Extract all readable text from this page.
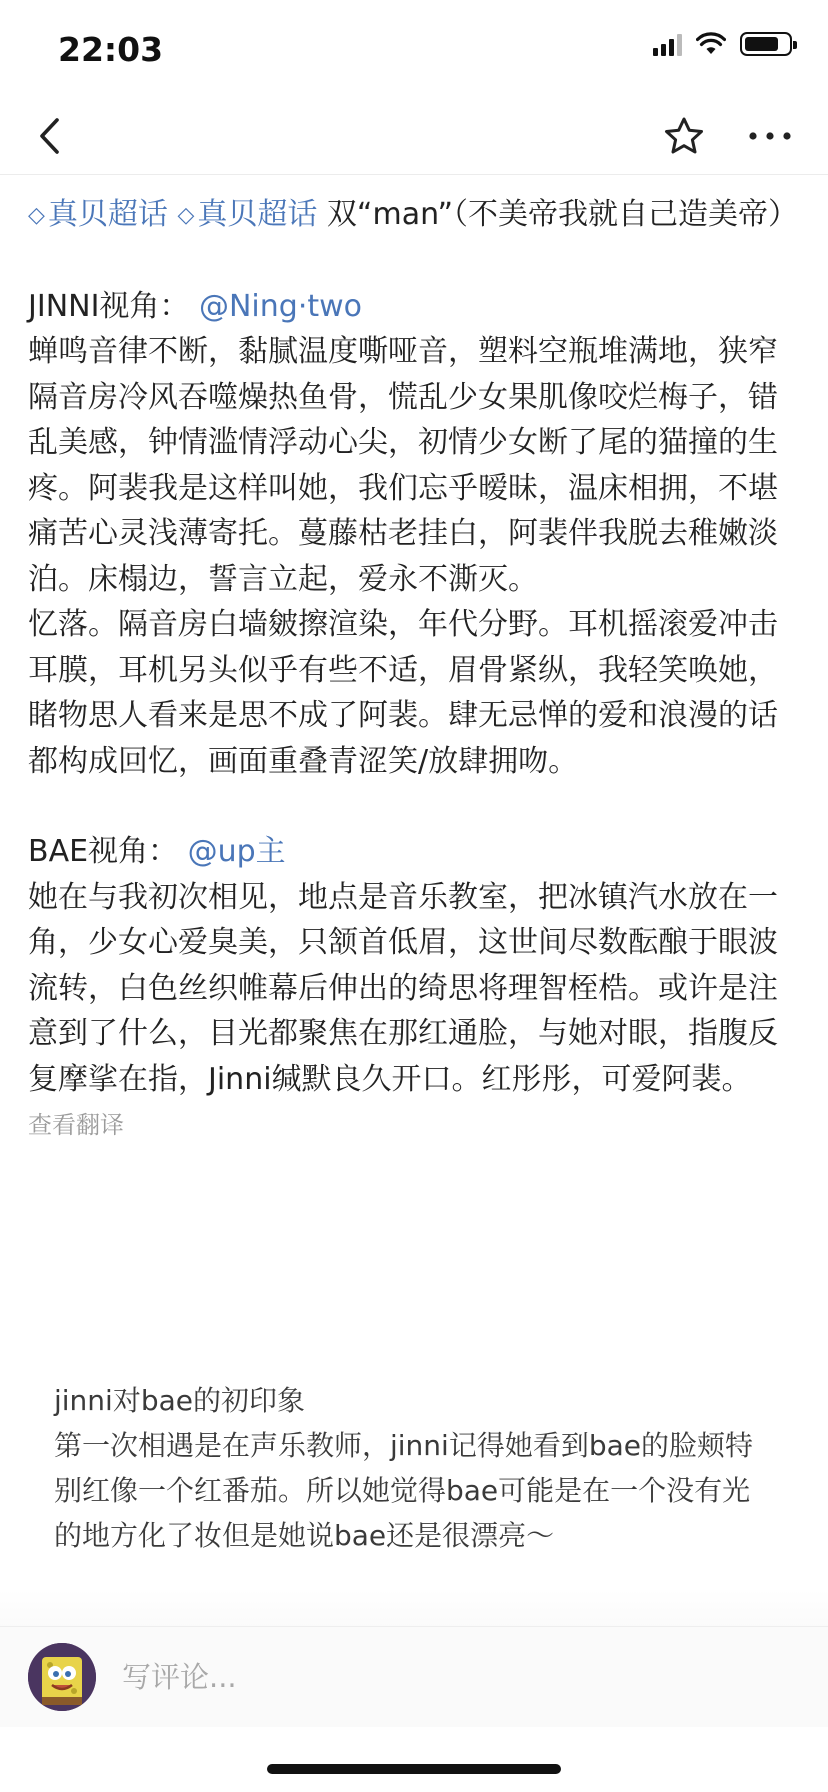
22:03

◇ 真贝超话 ◇ 真贝超话 双“man”（不美帝我就自己造美帝）

JINNI视角： @Ning·two

蝉鸣音律不断，黏腻温度嘶哑音，塑料空瓶堆满地，狭窄隔音房冷风吞噬燥热鱼骨，慌乱少女果肌像咬烂梅子，错乱美感，钟情滥情浮动心尖，初情少女断了尾的猫撞的生疼。阿裴我是这样叫她，我们忘乎暧昧，温床相拥，不堪痛苦心灵浅薄寄托。蔓藤枯老挂白，阿裴伴我脱去稚嫩淡泊。床榻边，誓言立起，爱永不澌灭。

忆落。隔音房白墙皴擦渲染，年代分野。耳机摇滚爱冲击耳膜，耳机另头似乎有些不适，眉骨紧纵，我轻笑唤她，睹物思人看来是思不成了阿裴。肆无忌惮的爱和浪漫的话都构成回忆，画面重叠青涩笑/放肆拥吻。

BAE视角： @up主

她在与我初次相见，地点是音乐教室，把冰镇汽水放在一角，少女心爱臭美，只颔首低眉，这世间尽数酝酿于眼波流转，白色丝织帷幕后伸出的绮思将理智桎梏。或许是注意到了什么，目光都聚焦在那红通脸，与她对眼，指腹反复摩挲在指，Jinni缄默良久开口。红彤彤，可爱阿裴。

查看翻译

jinni对bae的初印象

第一次相遇是在声乐教师，jinni记得她看到bae的脸颊特别红像一个红番茄。所以她觉得bae可能是在一个没有光的地方化了妆但是她说bae还是很漂亮～

写评论...
